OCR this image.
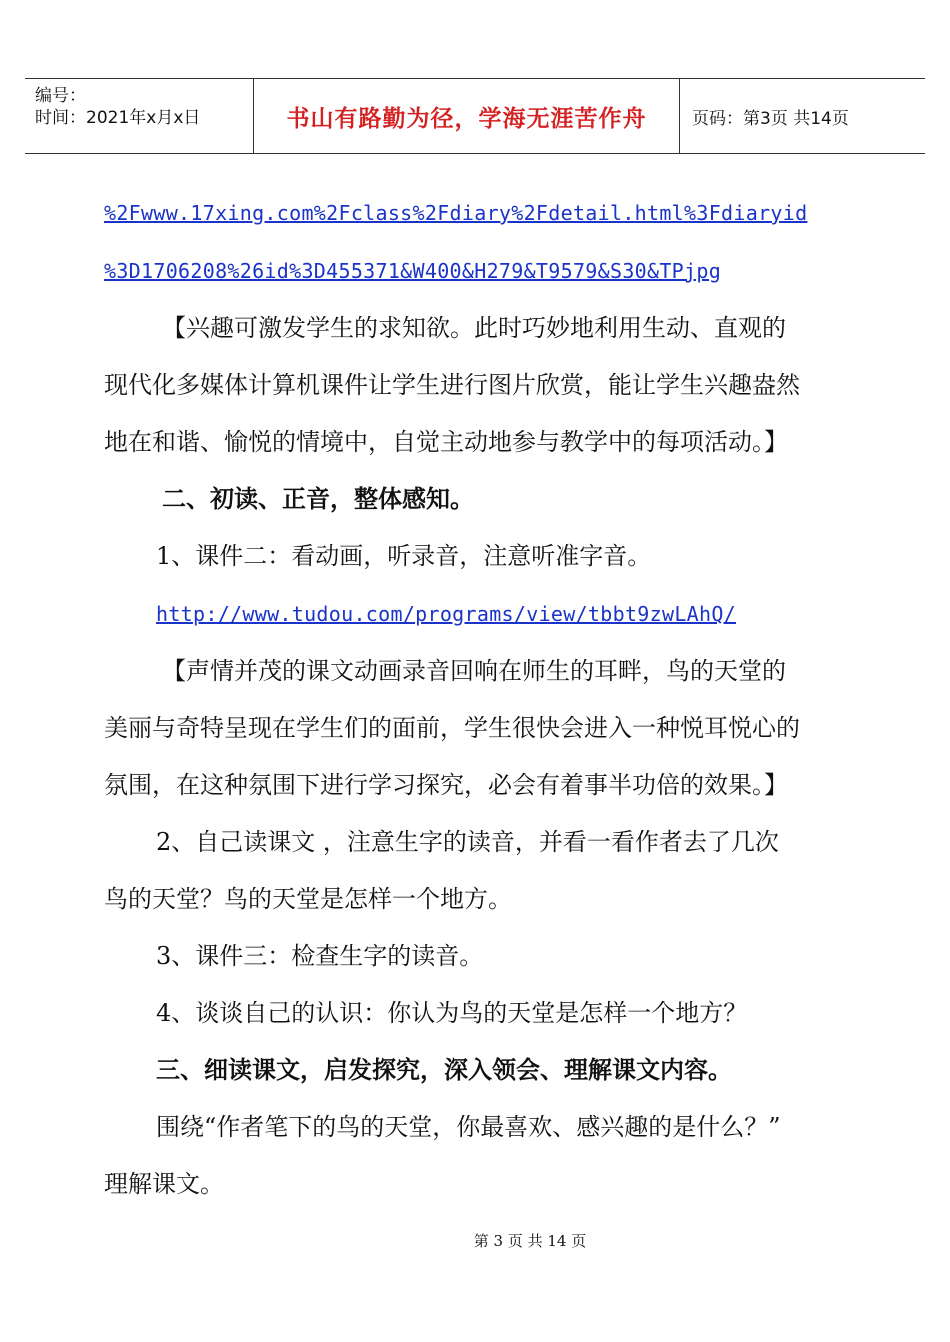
编号：
时间：2021年x月x日	书山有路勤为径，学海无涯苦作舟	页码：第3页 共14页

%2Fwww.17xing.com%2Fclass%2Fdiary%2Fdetail.html%3Fdiaryid

%3D1706208%26id%3D455371&W400&H279&T9579&S30&TPjpg

【兴趣可激发学生的求知欲。此时巧妙地利用生动、直观的

现代化多媒体计算机课件让学生进行图片欣赏，能让学生兴趣盎然

地在和谐、愉悦的情境中，自觉主动地参与教学中的每项活动。】

二、初读、正音，整体感知。

1、课件二：看动画，听录音，注意听准字音。

http://www.tudou.com/programs/view/tbbt9zwLAhQ/

【声情并茂的课文动画录音回响在师生的耳畔，鸟的天堂的

美丽与奇特呈现在学生们的面前，学生很快会进入一种悦耳悦心的

氛围，在这种氛围下进行学习探究，必会有着事半功倍的效果。】

2、自己读课文 ，注意生字的读音，并看一看作者去了几次

鸟的天堂？鸟的天堂是怎样一个地方。

3、课件三：检查生字的读音。

4、谈谈自己的认识：你认为鸟的天堂是怎样一个地方？

三、细读课文，启发探究，深入领会、理解课文内容。

围绕“作者笔下的鸟的天堂，你最喜欢、感兴趣的是什么？”

理解课文。

第 3 页 共 14 页
